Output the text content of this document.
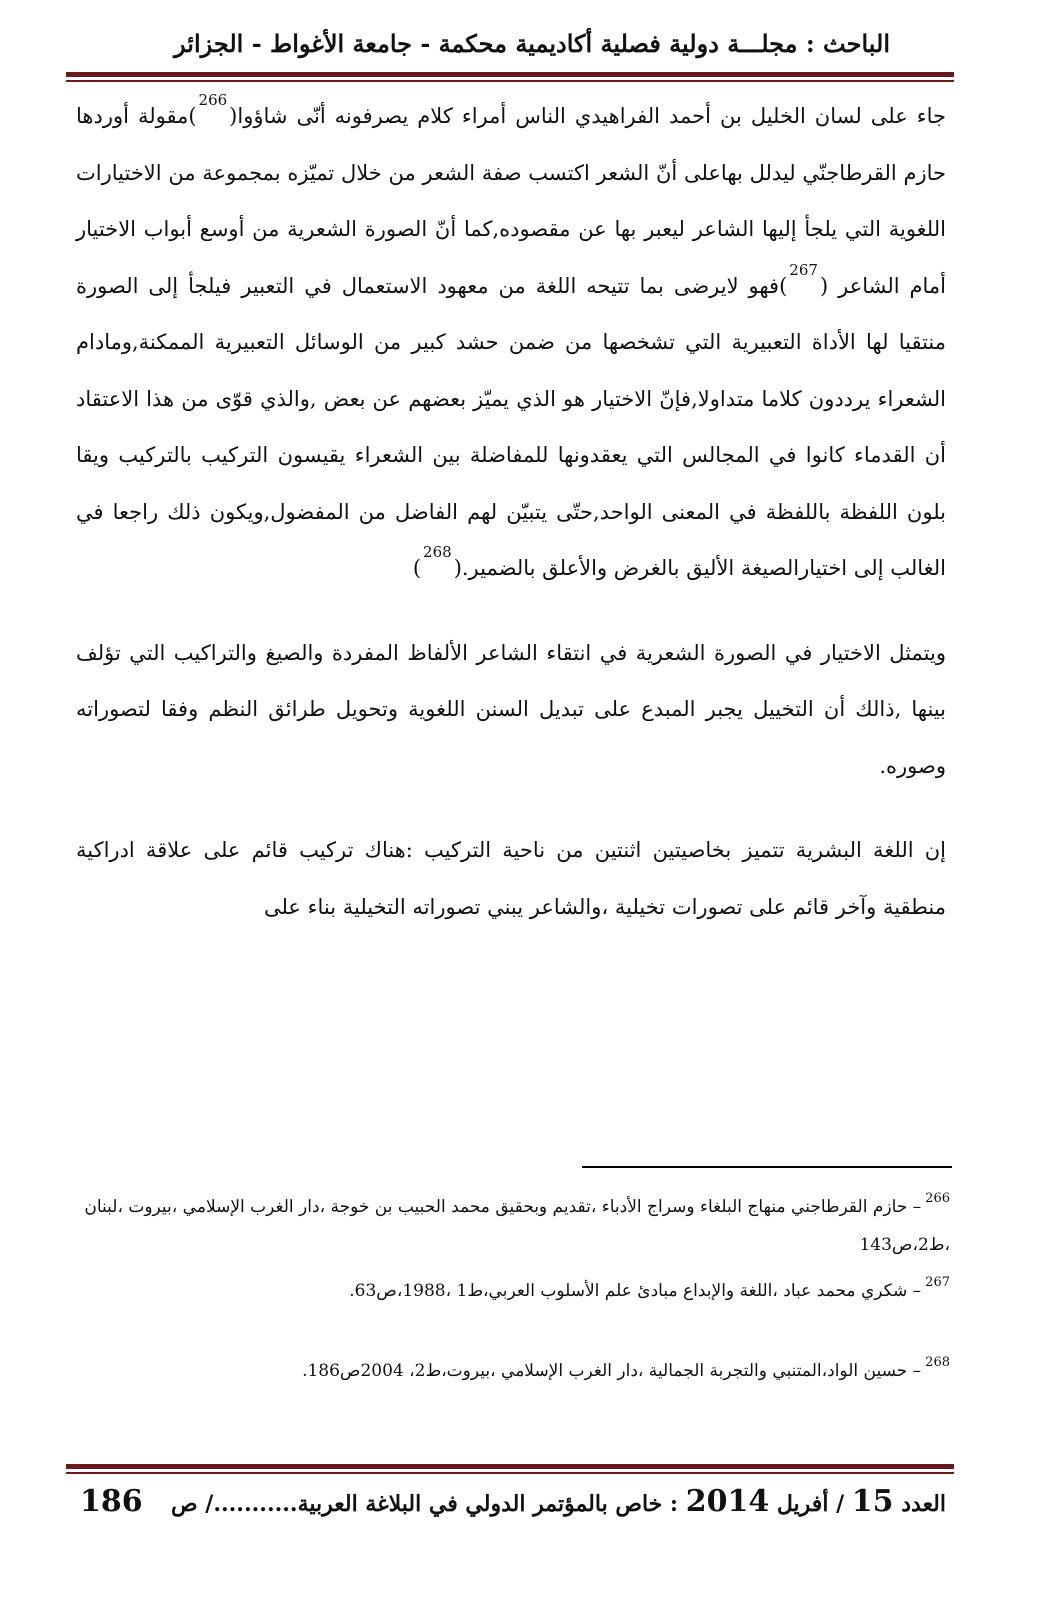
الباحث : مجلـــة دولية فصلية أكاديمية محكمة - جامعة الأغواط - الجزائر

جاء على لسان الخليل بن أحمد الفراهيدي الناس أمراء كلام يصرفونه أنّى شاؤوا($^{266}$)مقولة أوردها حازم القرطاجنّي ليدلل بهاعلى أنّ الشعر اكتسب صفة الشعر من خلال تميّزه بمجموعة من الاختيارات اللغوية التي يلجأ إليها الشاعر ليعبر بها عن مقصوده,كما أنّ الصورة الشعرية من أوسع أبواب الاختيار أمام الشاعر ($^{267}$)فهو لايرضى بما تتيحه اللغة من معهود الاستعمال في التعبير فيلجأ إلى الصورة منتقيا لها الأداة التعبيرية التي تشخصها من ضمن حشد كبير من الوسائل التعبيرية الممكنة,ومادام الشعراء يرددون كلاما متداولا,فإنّ الاختيار هو الذي يميّز بعضهم عن بعض ,والذي قوّى من هذا الاعتقاد أن القدماء كانوا في المجالس التي يعقدونها للمفاضلة بين الشعراء يقيسون التركيب بالتركيب ويقا بلون اللفظة باللفظة في المعنى الواحد,حتّى يتبيّن لهم الفاضل من المفضول,ويكون ذلك راجعا في الغالب إلى اختيارالصيغة الأليق بالغرض والأعلق بالضمير.($^{268}$)

ويتمثل الاختيار في الصورة الشعرية في انتقاء الشاعر الألفاظ المفردة والصيغ والتراكيب التي تؤلف بينها ,ذالك أن التخييل يجبر المبدع على تبديل السنن اللغوية وتحويل طرائق النظم وفقا لتصوراته وصوره.

إن اللغة البشرية تتميز بخاصيتين اثنتين من ناحية التركيب :هناك تركيب قائم على علاقة ادراكية منطقية وآخر قائم على تصورات تخيلية ،والشاعر يبني تصوراته التخيلية بناء على

$^{266}$– حازم القرطاجني منهاج البلغاء وسراج الأدباء ،تقديم وبحقيق محمد الحبيب بن خوجة ،دار الغرب الإسلامي ،بيروت ،لبنان ،ط2،ص143

$^{267}$– شكري محمد عباد ،اللغة والإبداع مبادئ علم الأسلوب العربي،ط1 ،1988،ص63.

$^{268}$– حسين الواد،المتنبي والتجربة الجمالية ،دار الغرب الإسلامي ،بيروت،ط2، 2004ص186.

العدد 15 / أفريل 2014 : خاص بالمؤتمر الدولي في البلاغة العربية.........../ ص
186
